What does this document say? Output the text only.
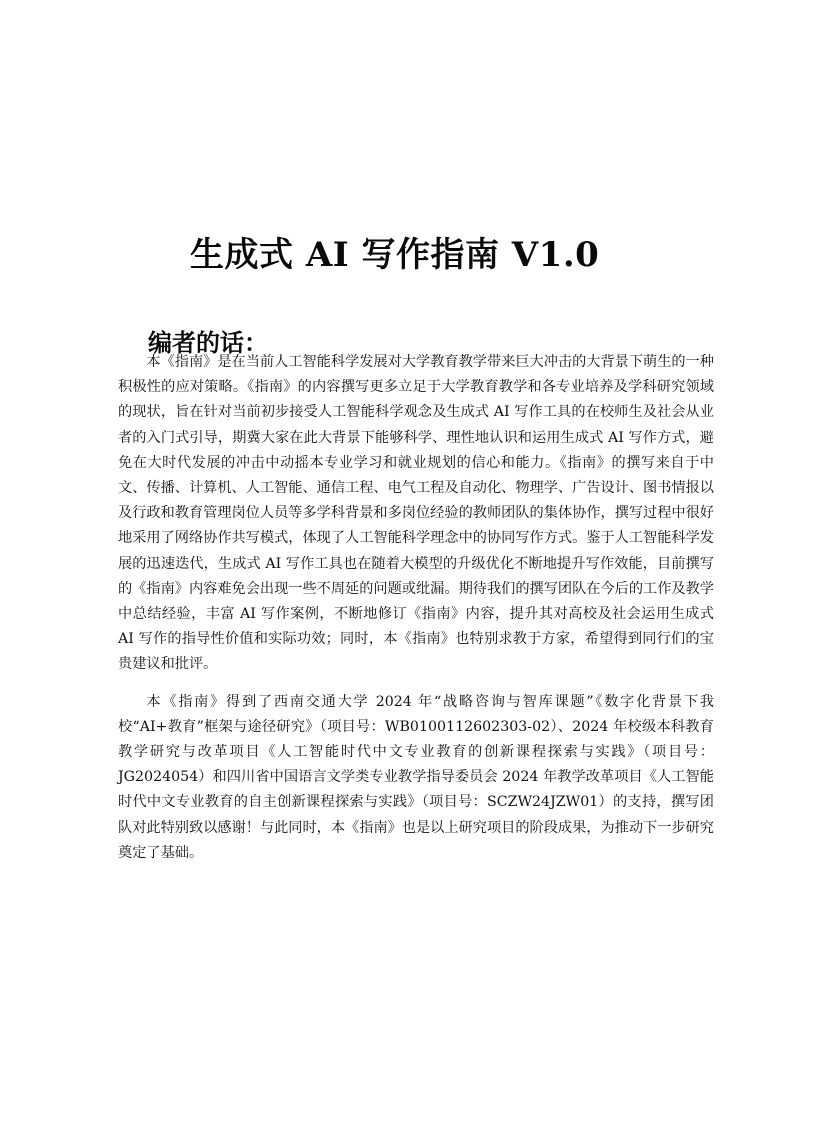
生成式 AI 写作指南 V1.0
编者的话：

本《指南》是在当前人工智能科学发展对大学教育教学带来巨大冲击的大背景下萌生的一种积极性的应对策略。《指南》的内容撰写更多立足于大学教育教学和各专业培养及学科研究领域的现状，旨在针对当前初步接受人工智能科学观念及生成式 AI 写作工具的在校师生及社会从业者的入门式引导，期冀大家在此大背景下能够科学、理性地认识和运用生成式 AI 写作方式，避免在大时代发展的冲击中动摇本专业学习和就业规划的信心和能力。《指南》的撰写来自于中文、传播、计算机、人工智能、通信工程、电气工程及自动化、物理学、广告设计、图书情报以及行政和教育管理岗位人员等多学科背景和多岗位经验的教师团队的集体协作，撰写过程中很好地采用了网络协作共写模式，体现了人工智能科学理念中的协同写作方式。鉴于人工智能科学发展的迅速迭代，生成式 AI 写作工具也在随着大模型的升级优化不断地提升写作效能，目前撰写的《指南》内容难免会出现一些不周延的问题或纰漏。期待我们的撰写团队在今后的工作及教学中总结经验，丰富 AI 写作案例，不断地修订《指南》内容，提升其对高校及社会运用生成式 AI 写作的指导性价值和实际功效；同时，本《指南》也特别求教于方家，希望得到同行们的宝贵建议和批评。

本《指南》得到了西南交通大学 2024 年“战略咨询与智库课题”《数字化背景下我校“AI+教育”框架与途径研究》（项目号：WB0100112602303-02）、2024 年校级本科教育教学研究与改革项目《人工智能时代中文专业教育的创新课程探索与实践》（项目号：JG2024054）和四川省中国语言文学类专业教学指导委员会 2024 年教学改革项目《人工智能时代中文专业教育的自主创新课程探索与实践》（项目号：SCZW24JZW01）的支持，撰写团队对此特别致以感谢！与此同时，本《指南》也是以上研究项目的阶段成果，为推动下一步研究奠定了基础。
